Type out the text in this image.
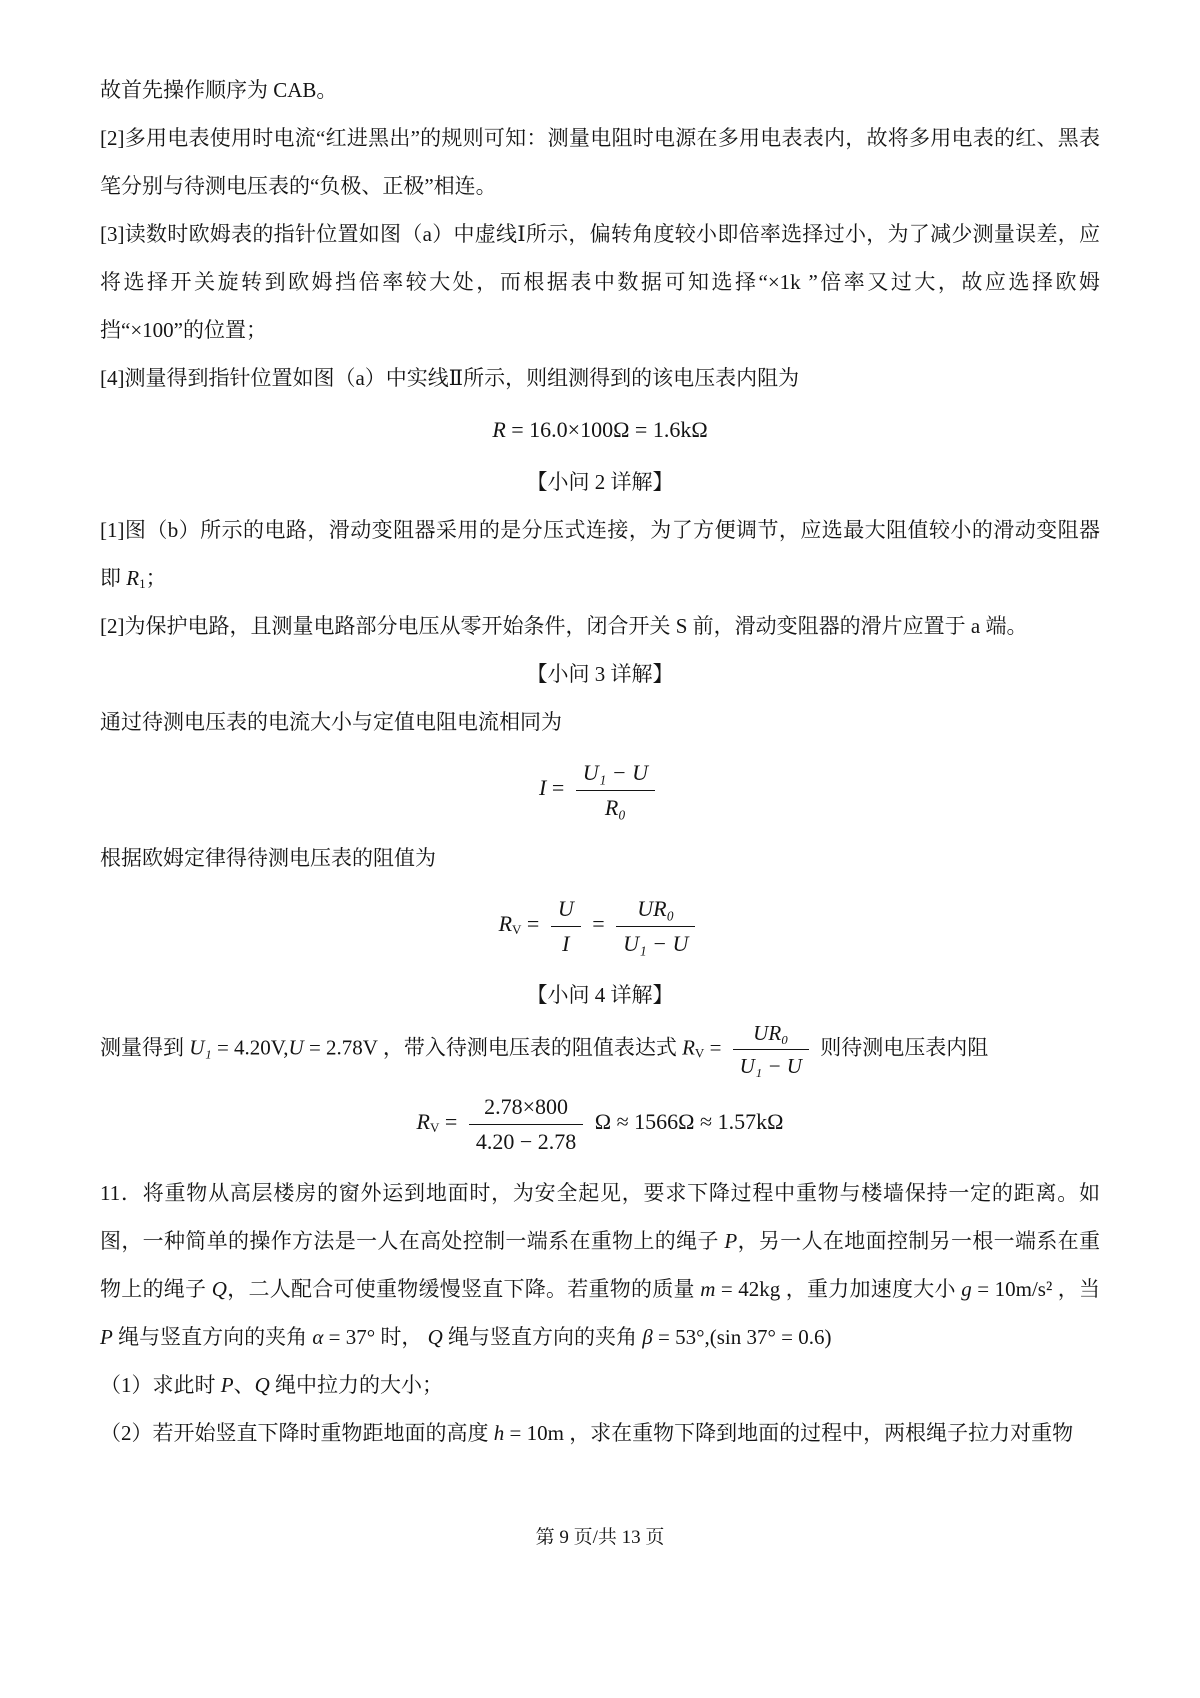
故首先操作顺序为 CAB。

[2]多用电表使用时电流“红进黑出”的规则可知：测量电阻时电源在多用电表表内，故将多用电表的红、黑表笔分别与待测电压表的“负极、正极”相连。

[3]读数时欧姆表的指针位置如图（a）中虚线Ⅰ所示，偏转角度较小即倍率选择过小，为了减少测量误差，应将选择开关旋转到欧姆挡倍率较大处，而根据表中数据可知选择“×1k ”倍率又过大，故应选择欧姆挡“×100”的位置；

[4]测量得到指针位置如图（a）中实线Ⅱ所示，则组测得到的该电压表内阻为

R = 16.0×100Ω = 1.6kΩ

【小问 2 详解】

[1]图（b）所示的电路，滑动变阻器采用的是分压式连接，为了方便调节，应选最大阻值较小的滑动变阻器即 $R_1$；

[2]为保护电路，且测量电路部分电压从零开始条件，闭合开关 S 前，滑动变阻器的滑片应置于 a 端。

【小问 3 详解】

通过待测电压表的电流大小与定值电阻电流相同为

$I = \frac{\text{U₁ − U}}{\text{R₀}}$

根据欧姆定律得待测电压表的阻值为

$R_V = \frac{U}{I} = \frac{\text{UR₀}}{\text{U₁ − U}}$

【小问 4 详解】

测量得到 U₁ = 4.20V,U = 2.78V ，带入待测电压表的阻值表达式 $R_V = \frac{\text{UR₀}}{\text{U₁ − U}}$ 则待测电压表内阻

$R_V = \frac{2.78\times 800}{4.20 - 2.78}$ Ω ≈ 1566Ω ≈ 1.57kΩ

11．将重物从高层楼房的窗外运到地面时，为安全起见，要求下降过程中重物与楼墙保持一定的距离。如图，一种简单的操作方法是一人在高处控制一端系在重物上的绳子 P，另一人在地面控制另一根一端系在重物上的绳子 Q，二人配合可使重物缓慢竖直下降。若重物的质量 m = 42kg ，重力加速度大小 g = 10m/s² ，当 P 绳与竖直方向的夹角 α = 37° 时， Q 绳与竖直方向的夹角 β = 53°,(sin 37° = 0.6)

（1）求此时 P、Q 绳中拉力的大小；

（2）若开始竖直下降时重物距地面的高度 h = 10m ，求在重物下降到地面的过程中，两根绳子拉力对重物

第 9 页/共 13 页
